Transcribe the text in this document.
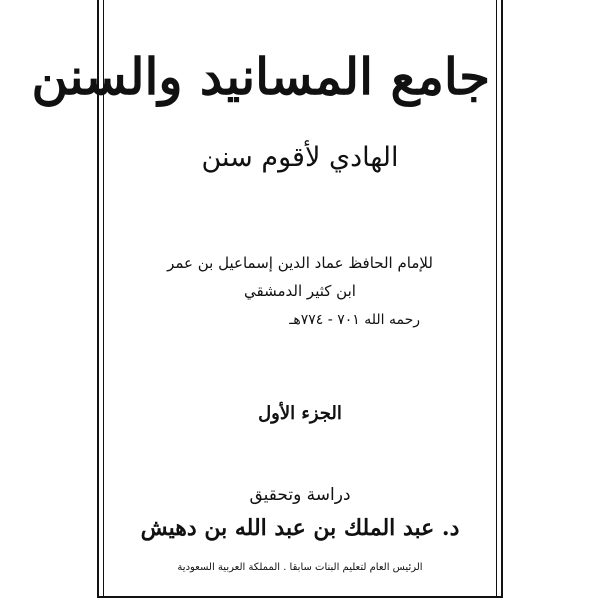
جامع المسانيد والسنن
الهادي لأقوم سنن
للإمام الحافظ عماد الدين إسماعيل بن عمر
ابن كثير الدمشقي
رحمه الله ٧٠١ - ٧٧٤هـ
الجزء الأول
دراسة وتحقيق
د. عبد الملك بن عبد الله بن دهيش
الرئيس العام لتعليم البنات سابقا . المملكة العربية السعودية
